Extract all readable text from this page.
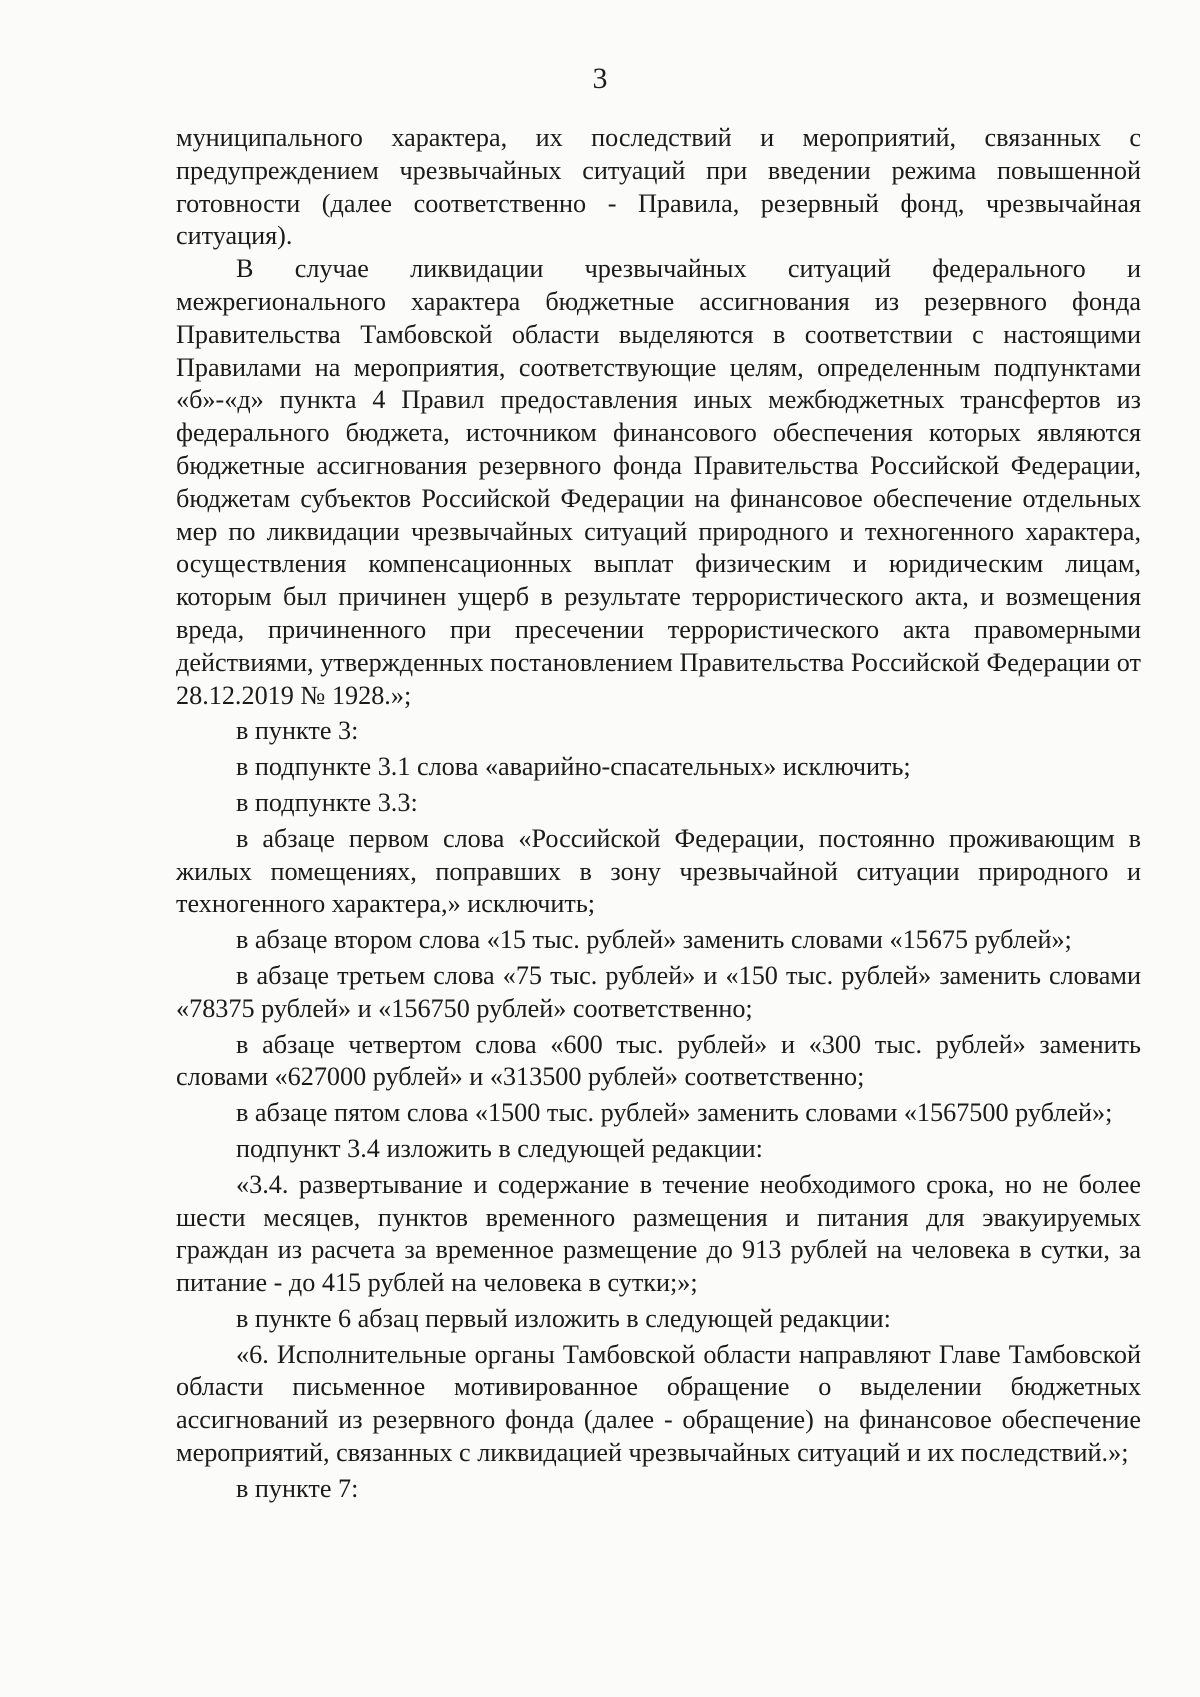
3

муниципального характера, их последствий и мероприятий, связанных с предупреждением чрезвычайных ситуаций при введении режима повышенной готовности (далее соответственно - Правила, резервный фонд, чрезвычайная ситуация).

В случае ликвидации чрезвычайных ситуаций федерального и межрегионального характера бюджетные ассигнования из резервного фонда Правительства Тамбовской области выделяются в соответствии с настоящими Правилами на мероприятия, соответствующие целям, определенным подпунктами «б»-«д» пункта 4 Правил предоставления иных межбюджетных трансфертов из федерального бюджета, источником финансового обеспечения которых являются бюджетные ассигнования резервного фонда Правительства Российской Федерации, бюджетам субъектов Российской Федерации на финансовое обеспечение отдельных мер по ликвидации чрезвычайных ситуаций природного и техногенного характера, осуществления компенсационных выплат физическим и юридическим лицам, которым был причинен ущерб в результате террористического акта, и возмещения вреда, причиненного при пресечении террористического акта правомерными действиями, утвержденных постановлением Правительства Российской Федерации от 28.12.2019 № 1928.»;

в пункте 3:

в подпункте 3.1 слова «аварийно-спасательных» исключить;

в подпункте 3.3:

в абзаце первом слова «Российской Федерации, постоянно проживающим в жилых помещениях, поправших в зону чрезвычайной ситуации природного и техногенного характера,» исключить;

в абзаце втором слова «15 тыс. рублей» заменить словами «15675 рублей»;

в абзаце третьем слова «75 тыс. рублей» и «150 тыс. рублей» заменить словами «78375 рублей» и «156750 рублей» соответственно;

в абзаце четвертом слова «600 тыс. рублей» и «300 тыс. рублей» заменить словами «627000 рублей» и «313500 рублей» соответственно;

в абзаце пятом слова «1500 тыс. рублей» заменить словами «1567500 рублей»;

подпункт 3.4 изложить в следующей редакции:

«3.4. развертывание и содержание в течение необходимого срока, но не более шести месяцев, пунктов временного размещения и питания для эвакуируемых граждан из расчета за временное размещение до 913 рублей на человека в сутки, за питание - до 415 рублей на человека в сутки;»;

в пункте 6 абзац первый изложить в следующей редакции:

«6. Исполнительные органы Тамбовской области направляют Главе Тамбовской области письменное мотивированное обращение о выделении бюджетных ассигнований из резервного фонда (далее - обращение) на финансовое обеспечение мероприятий, связанных с ликвидацией чрезвычайных ситуаций и их последствий.»;

в пункте 7:
